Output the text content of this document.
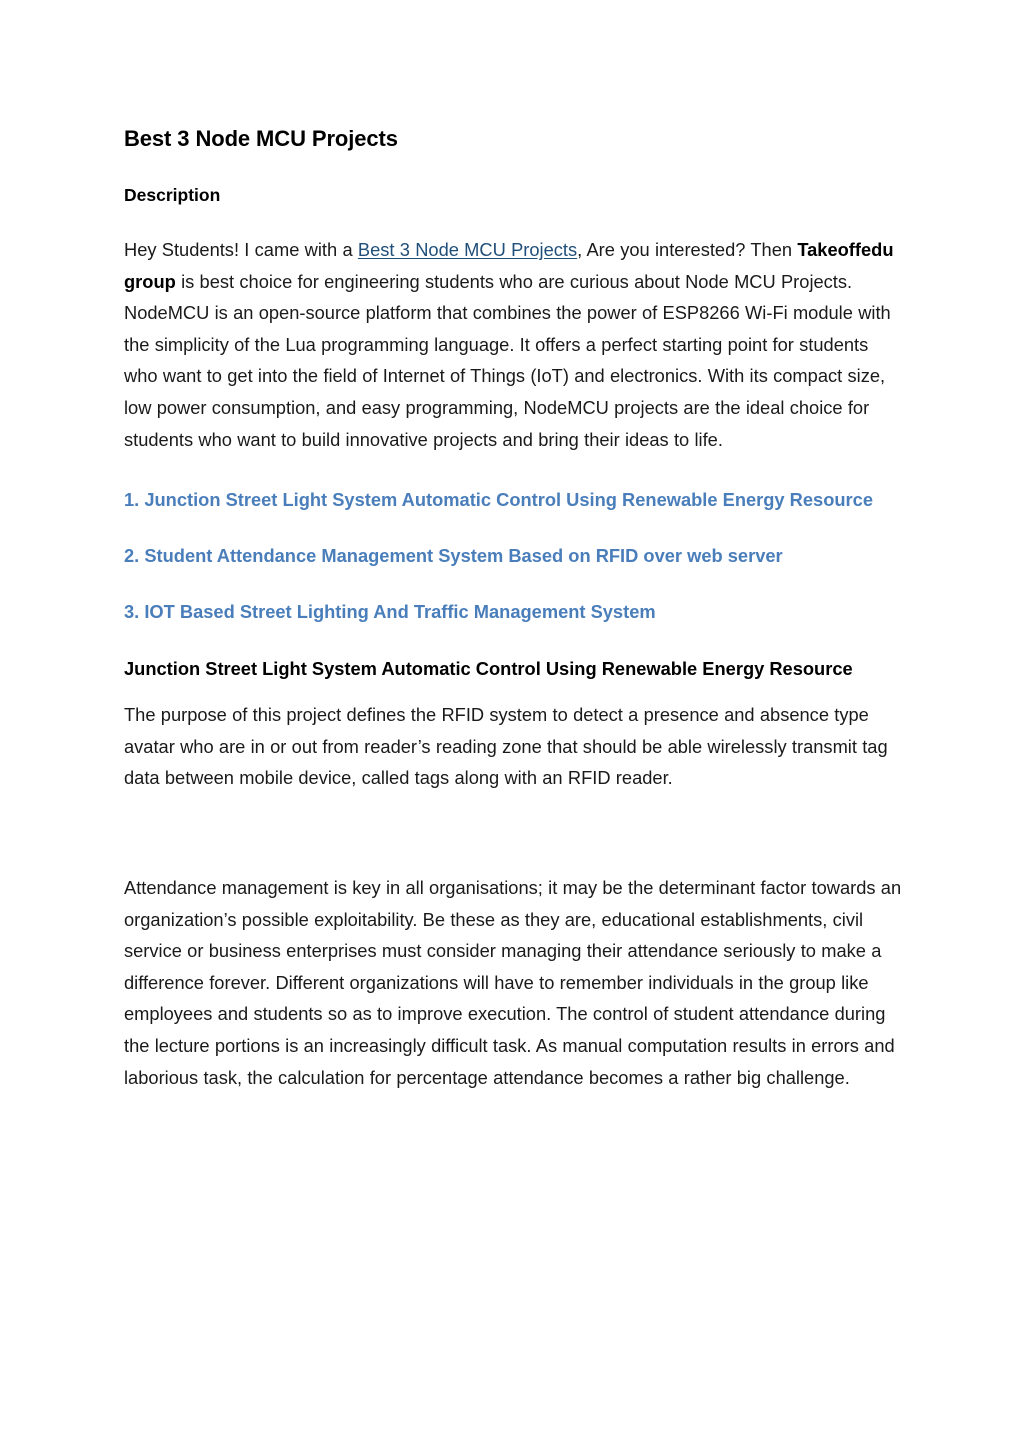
Best 3 Node MCU Projects
Description

Hey Students! I came with a Best 3 Node MCU Projects, Are you interested? Then Takeoffedu group is best choice for engineering students who are curious about Node MCU Projects. NodeMCU is an open-source platform that combines the power of ESP8266 Wi-Fi module with the simplicity of the Lua programming language. It offers a perfect starting point for students who want to get into the field of Internet of Things (IoT) and electronics. With its compact size, low power consumption, and easy programming, NodeMCU projects are the ideal choice for students who want to build innovative projects and bring their ideas to life.

1. Junction Street Light System Automatic Control Using Renewable Energy Resource
2. Student Attendance Management System Based on RFID over web server
3. IOT Based Street Lighting And Traffic Management System
Junction Street Light System Automatic Control Using Renewable Energy Resource

The purpose of this project defines the RFID system to detect a presence and absence type avatar who are in or out from reader’s reading zone that should be able wirelessly transmit tag data between mobile device, called tags along with an RFID reader.

Attendance management is key in all organisations; it may be the determinant factor towards an organization’s possible exploitability. Be these as they are, educational establishments, civil service or business enterprises must consider managing their attendance seriously to make a difference forever. Different organizations will have to remember individuals in the group like employees and students so as to improve execution. The control of student attendance during the lecture portions is an increasingly difficult task. As manual computation results in errors and laborious task, the calculation for percentage attendance becomes a rather big challenge.
